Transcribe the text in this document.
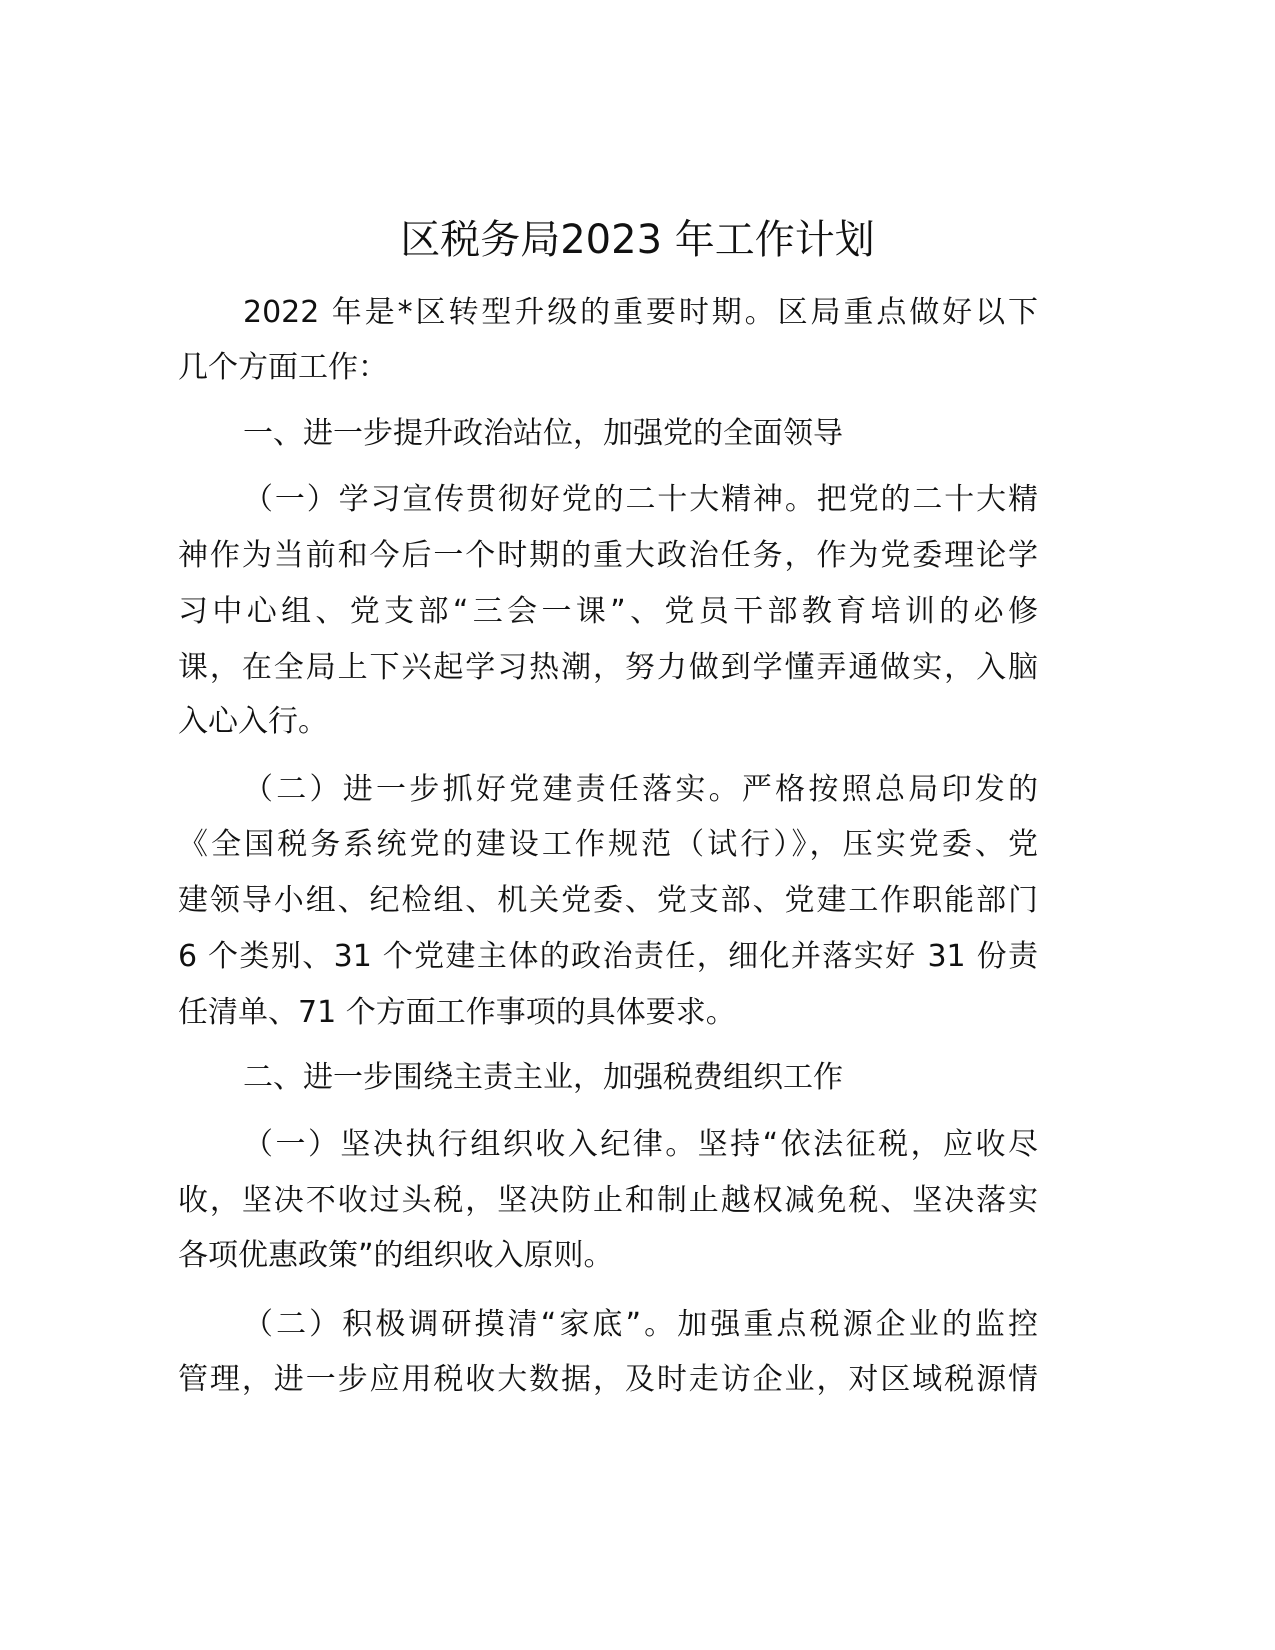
区税务局2023 年工作计划
2022 年是*区转型升级的重要时期。区局重点做好以下
几个方面工作：
一、进一步提升政治站位，加强党的全面领导
（一）学习宣传贯彻好党的二十大精神。把党的二十大精
神作为当前和今后一个时期的重大政治任务，作为党委理论学
习中心组、党支部“三会一课”、党员干部教育培训的必修
课，在全局上下兴起学习热潮，努力做到学懂弄通做实，入脑
入心入行。
（二）进一步抓好党建责任落实。严格按照总局印发的
《全国税务系统党的建设工作规范（试行）》，压实党委、党
建领导小组、纪检组、机关党委、党支部、党建工作职能部门
6 个类别、31 个党建主体的政治责任，细化并落实好 31 份责
任清单、71 个方面工作事项的具体要求。
二、进一步围绕主责主业，加强税费组织工作
（一）坚决执行组织收入纪律。坚持“依法征税，应收尽
收，坚决不收过头税，坚决防止和制止越权减免税、坚决落实
各项优惠政策”的组织收入原则。
（二）积极调研摸清“家底”。加强重点税源企业的监控
管理，进一步应用税收大数据，及时走访企业，对区域税源情
